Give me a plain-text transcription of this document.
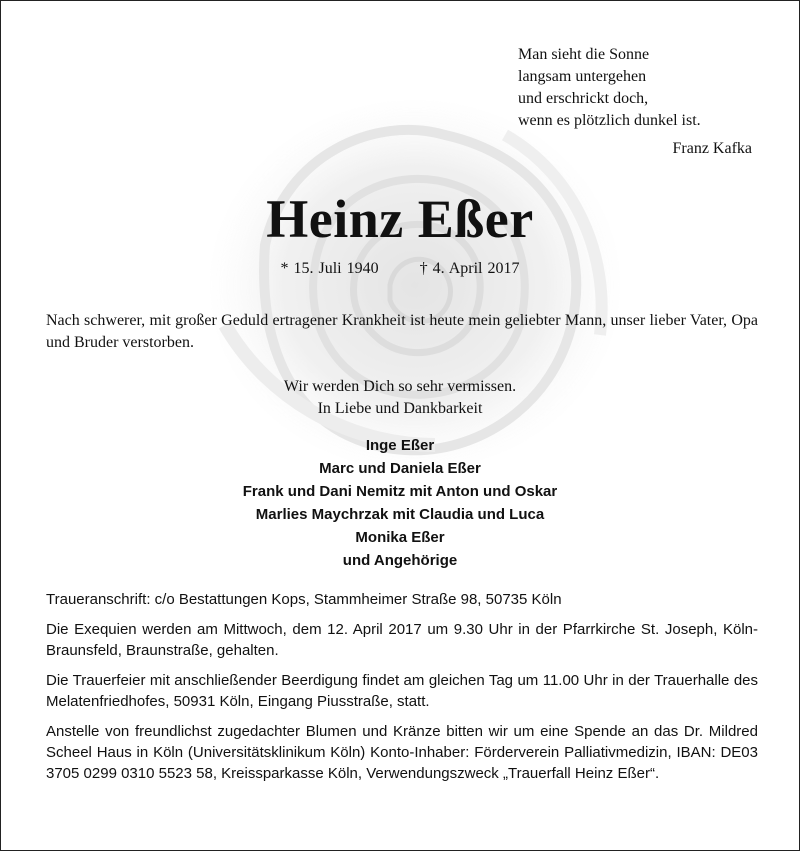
Man sieht die Sonne
langsam untergehen
und erschrickt doch,
wenn es plötzlich dunkel ist.
Franz Kafka
Heinz Eßer
* 15. Juli 1940	† 4. April 2017
Nach schwerer, mit großer Geduld ertragener Krankheit ist heute mein geliebter Mann, unser lieber Vater, Opa und Bruder verstorben.
Wir werden Dich so sehr vermissen.
In Liebe und Dankbarkeit
Inge Eßer
Marc und Daniela Eßer
Frank und Dani Nemitz mit Anton und Oskar
Marlies Maychrzak mit Claudia und Luca
Monika Eßer
und Angehörige

Traueranschrift: c/o Bestattungen Kops, Stammheimer Straße 98, 50735 Köln

Die Exequien werden am Mittwoch, dem 12. April 2017 um 9.30 Uhr in der Pfarrkirche St. Joseph, Köln-Braunsfeld, Braunstraße, gehalten.

Die Trauerfeier mit anschließender Beerdigung findet am gleichen Tag um 11.00 Uhr in der Trauerhalle des Melatenfriedhofes, 50931 Köln, Eingang Piusstraße, statt.

Anstelle von freundlichst zugedachter Blumen und Kränze bitten wir um eine Spende an das Dr. Mildred Scheel Haus in Köln (Universitätsklinikum Köln) Konto-Inhaber: Förderverein Palliativmedizin, IBAN: DE03 3705 0299 0310 5523 58, Kreissparkasse Köln, Verwendungszweck „Trauerfall Heinz Eßer“.
